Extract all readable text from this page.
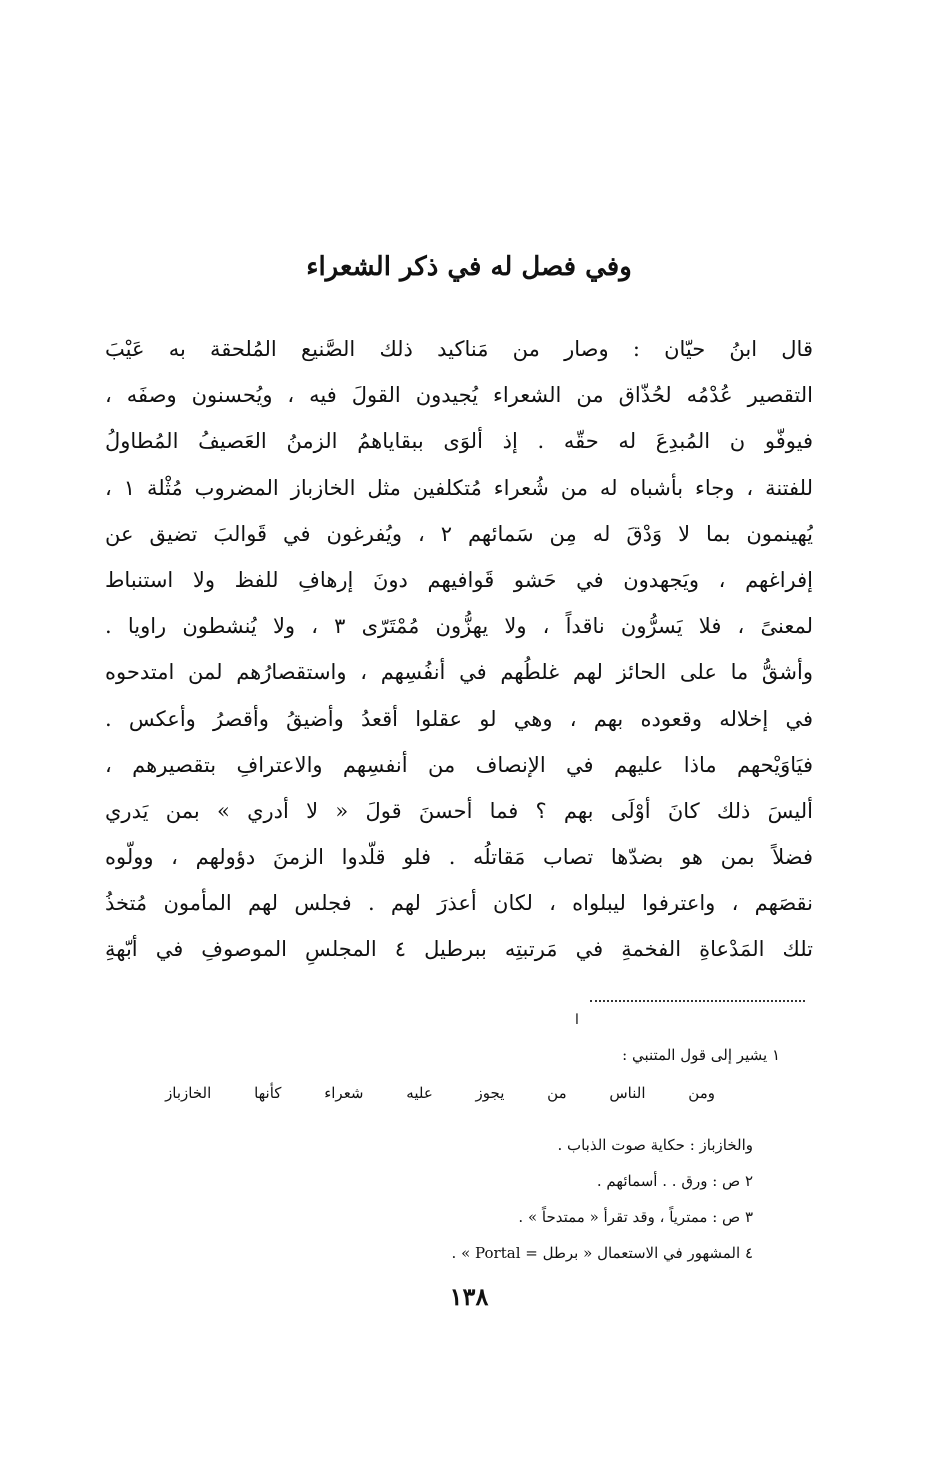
وفي فصل له في ذكر الشعراء
قال ابنُ حيّان : وصار من مَناكيد ذلك الصَّنيع المُلحقة به عَيْبَ
التقصير عُدْمُه لحُذّاق من الشعراء يُجيدون القولَ فيه ، ويُحسنون وصفَه ،
فيوفّو ن المُبدِعَ له حقّه . إذ ألوَى ببقاياهمُ الزمنُ العَصيفُ المُطاولُ
للفتنة ، وجاء بأشباه له من شُعراء مُتكلفين مثل الخازباز المضروب مُثْلة ١ ،
يُهينمون بما لا وَدْقَ له مِن سَمائهم ٢ ، ويُفرغون في قَوالبَ تضيق عن
إفراغهم ، ويَجهدون في حَشو قَوافيهم دونَ إرهافِ للفظ ولا استنباط
لمعنىً ، فلا يَسرُّون ناقداً ، ولا يهزُّون مُمْتَرّى ٣ ، ولا يُنشطون راويا .
وأشقُّ ما على الحائز لهم غلطُهم في أنفُسِهم ، واستقصارُهم لمن امتدحوه
في إخلاله وقعوده بهم ، وهي لو عقلوا أقعدُ وأضيقُ وأقصرُ وأعكس .
فيَاوَيْحهم ماذا عليهم في الإنصاف من أنفسِهم والاعترافِ بتقصيرهم ،
أليسَ ذلك كانَ أوْلَى بهم ؟ فما أحسنَ قولَ « لا أدري » بمن يَدري
فضلاً بمن هو بضدّها تصاب مَقاتلُه . فلو قلّدوا الزمنَ دؤولهم ، وولّوه
نقصَهم ، واعترفوا ليبلواه ، لكان أعذرَ لهم . فجلس لهم المأمون مُتخذُ
تلك المَدْعاةِ الفخمةِ في مَرتبتِه ببرطيل ٤ المجلسِ الموصوفِ في أبّهةِ
ا
١ يشير إلى قول المتنبي :
ومن
الناس
من
يجوز
عليه
شعراء
كأنها
الخازباز
والخازباز : حكاية صوت الذباب .
٢ ص : ورق . . أسمائهم .
٣ ص : ممترياً ، وقد تقرأ « ممتدحاً » .
٤ المشهور في الاستعمال « برطل = Portal » .
١٣٨
